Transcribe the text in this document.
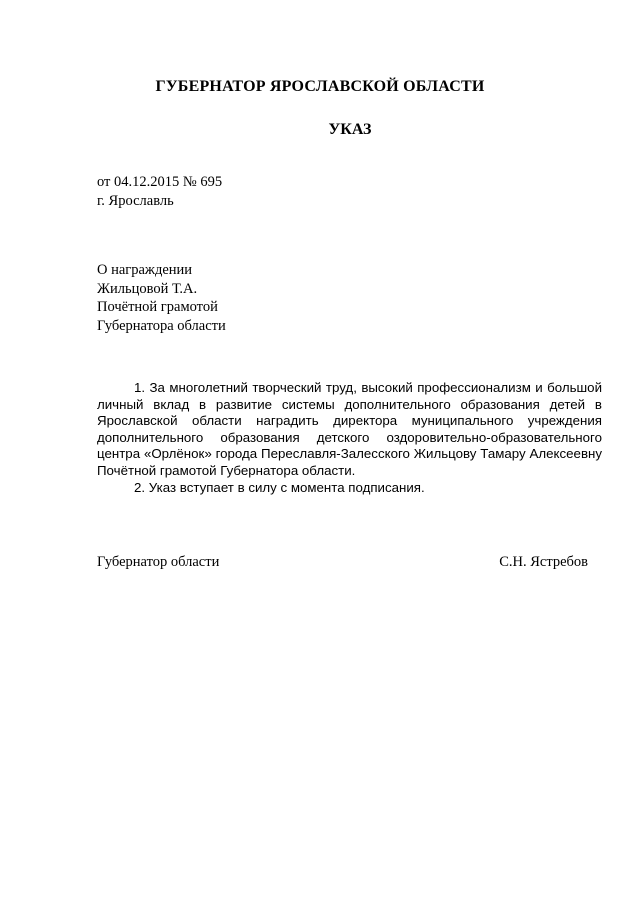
ГУБЕРНАТОР ЯРОСЛАВСКОЙ ОБЛАСТИ
УКАЗ
от 04.12.2015 № 695
г. Ярославль
О награждении
Жильцовой Т.А.
Почётной грамотой
Губернатора области

1. За многолетний творческий труд, высокий профессионализм и большой личный вклад в развитие системы дополнительного образования детей в Ярославской области наградить директора муниципального учреждения дополнительного образования детского оздоровительно-образовательного центра «Орлёнок» города Переславля-Залесского Жильцову Тамару Алексеевну Почётной грамотой Губернатора области.

2. Указ вступает в силу с момента подписания.

Губернатор области	С.Н. Ястребов
